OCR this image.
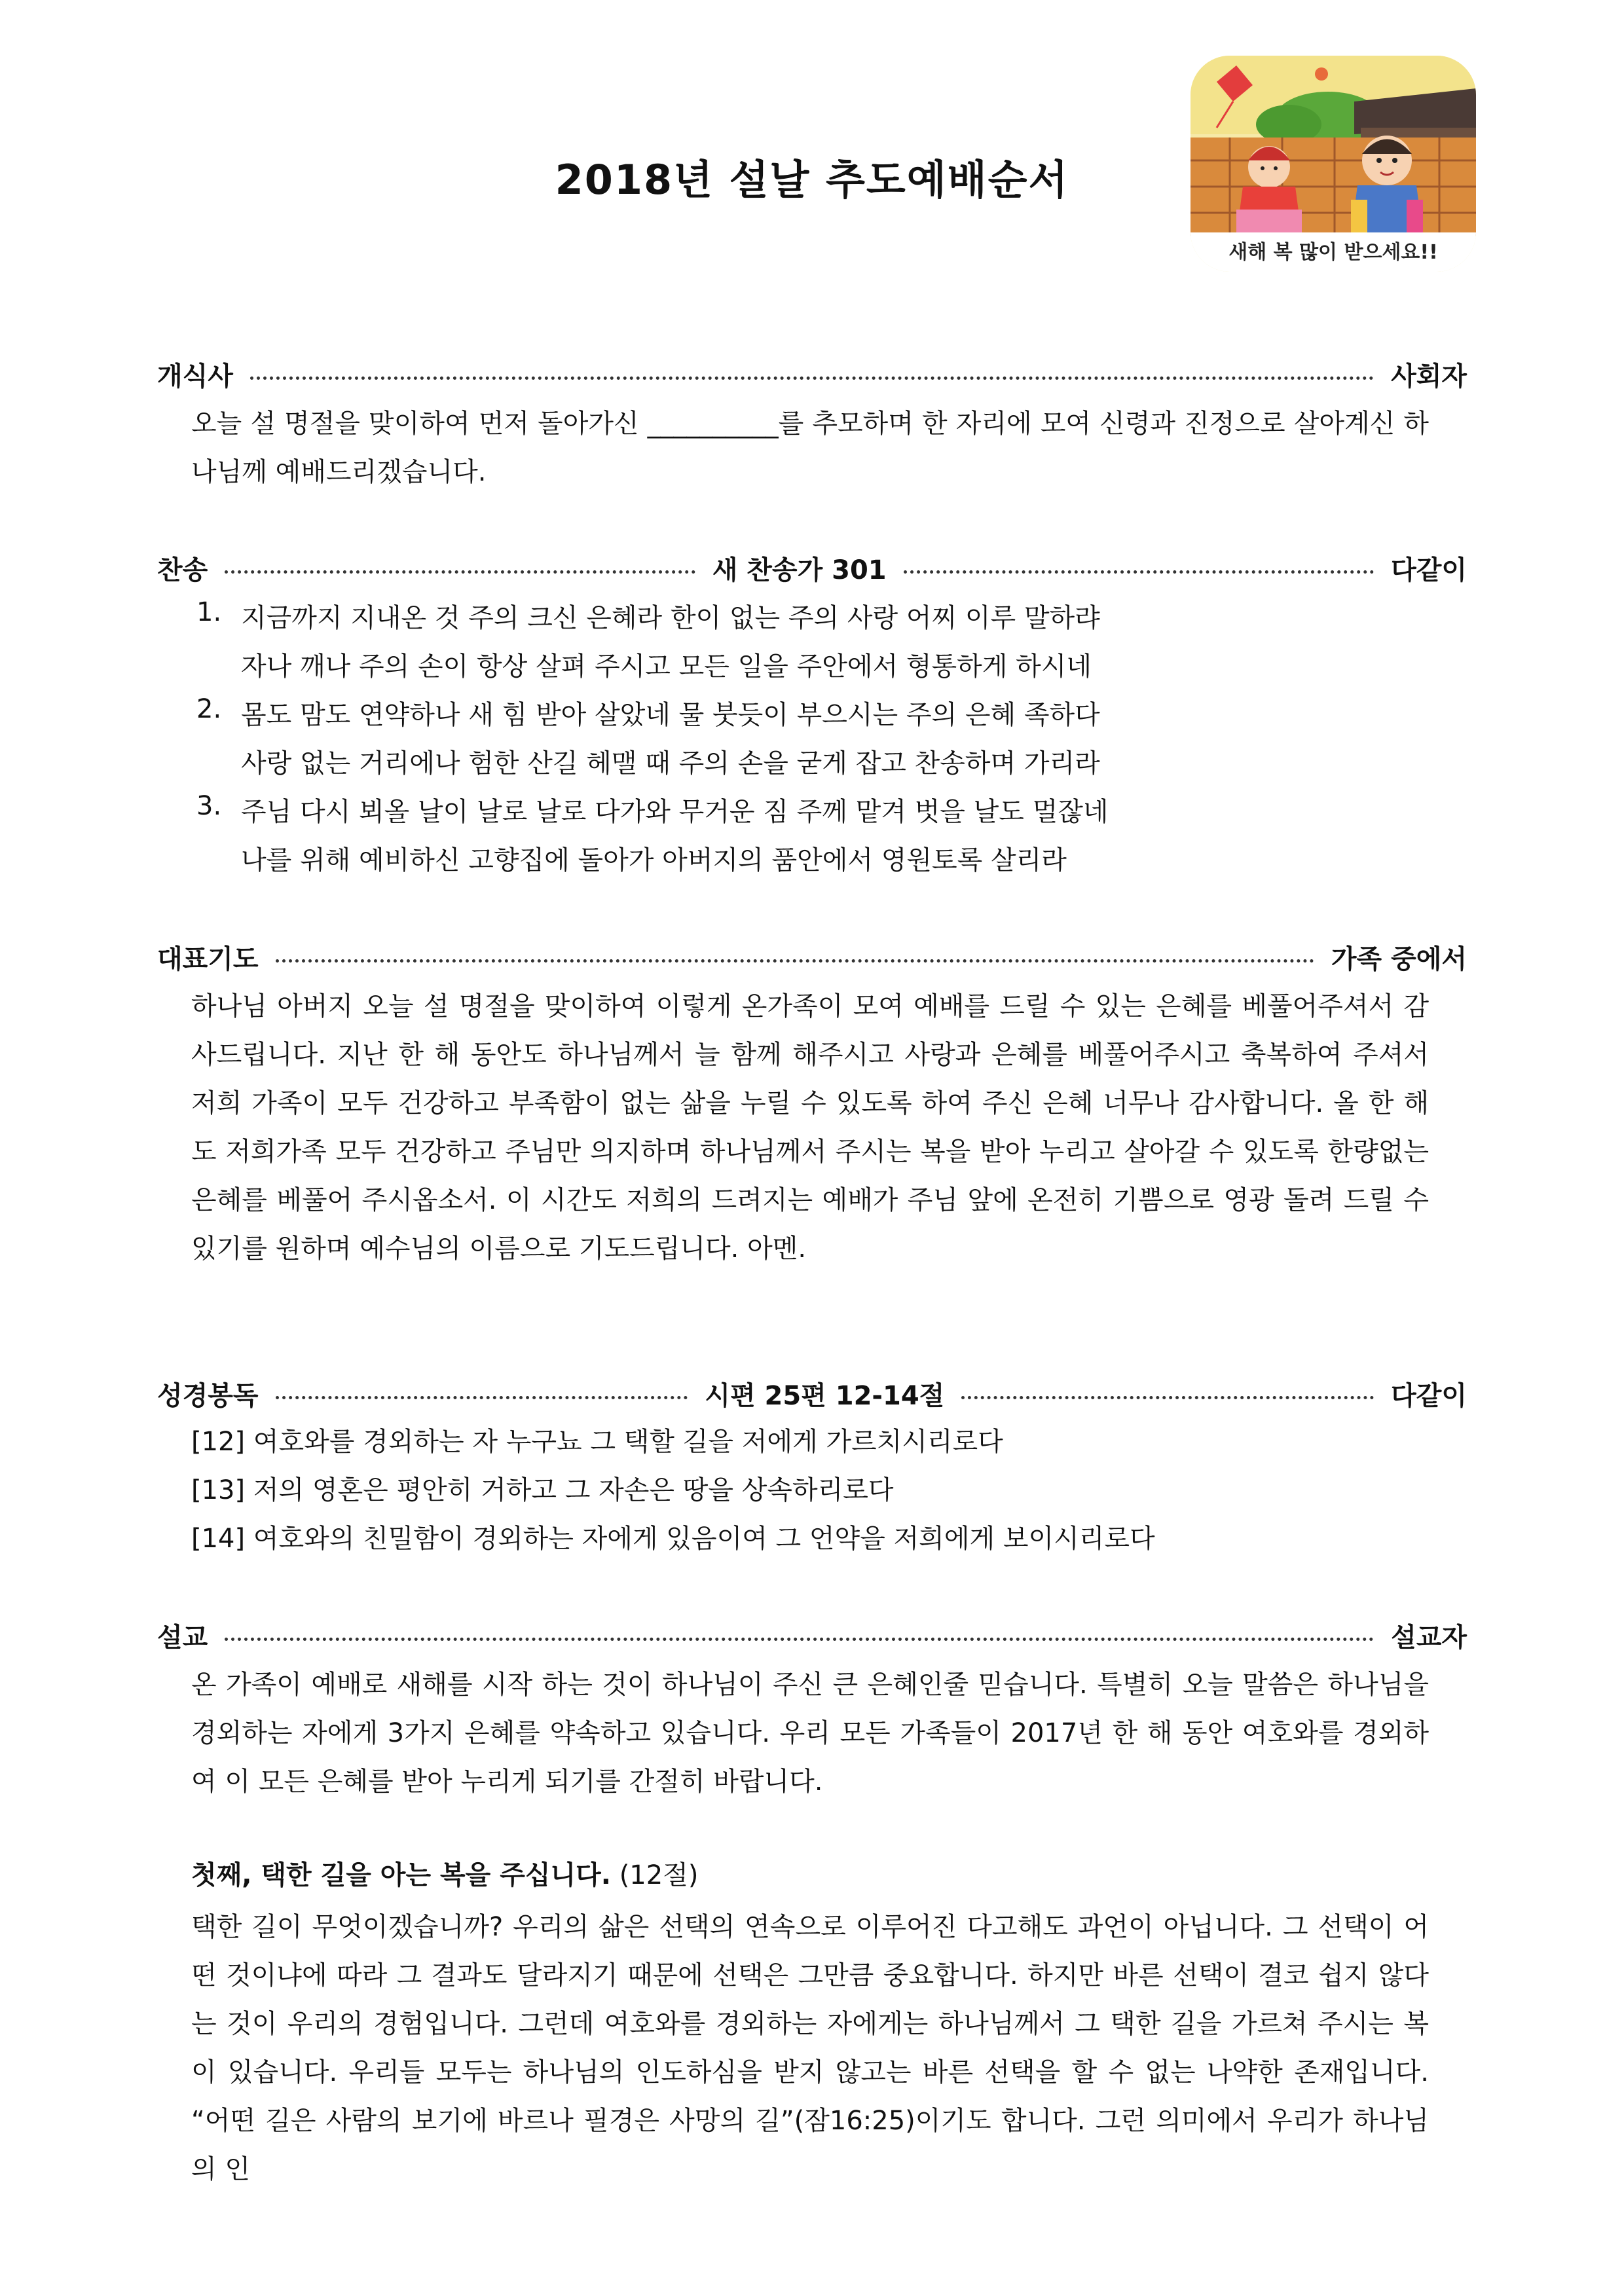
2018년 설날 추도예배순서
새해 복 많이 받으세요!!
개식사	사회자
오늘 설 명절을 맞이하여 먼저 돌아가신 __________를 추모하며 한 자리에 모여 신령과 진정으로 살아계신 하나님께 예배드리겠습니다.
찬송	새 찬송가 301	다같이
1. 지금까지 지내온 것 주의 크신 은혜라 한이 없는 주의 사랑 어찌 이루 말하랴
자나 깨나 주의 손이 항상 살펴 주시고 모든 일을 주안에서 형통하게 하시네
2. 몸도 맘도 연약하나 새 힘 받아 살았네 물 붓듯이 부으시는 주의 은혜 족하다
사랑 없는 거리에나 험한 산길 헤맬 때 주의 손을 굳게 잡고 찬송하며 가리라
3. 주님 다시 뵈올 날이 날로 날로 다가와 무거운 짐 주께 맡겨 벗을 날도 멀잖네
나를 위해 예비하신 고향집에 돌아가 아버지의 품안에서 영원토록 살리라
대표기도	가족 중에서
하나님 아버지 오늘 설 명절을 맞이하여 이렇게 온가족이 모여 예배를 드릴 수 있는 은혜를 베풀어주셔서 감사드립니다. 지난 한 해 동안도 하나님께서 늘 함께 해주시고 사랑과 은혜를 베풀어주시고 축복하여 주셔서 저희 가족이 모두 건강하고 부족함이 없는 삶을 누릴 수 있도록 하여 주신 은혜 너무나 감사합니다. 올 한 해도 저희가족 모두 건강하고 주님만 의지하며 하나님께서 주시는 복을 받아 누리고 살아갈 수 있도록 한량없는 은혜를 베풀어 주시옵소서. 이 시간도 저희의 드려지는 예배가 주님 앞에 온전히 기쁨으로 영광 돌려 드릴 수 있기를 원하며 예수님의 이름으로 기도드립니다. 아멘.
성경봉독	시편 25편 12-14절	다같이
[12] 여호와를 경외하는 자 누구뇨 그 택할 길을 저에게 가르치시리로다
[13] 저의 영혼은 평안히 거하고 그 자손은 땅을 상속하리로다
[14] 여호와의 친밀함이 경외하는 자에게 있음이여 그 언약을 저희에게 보이시리로다
설교	설교자
온 가족이 예배로 새해를 시작 하는 것이 하나님이 주신 큰 은혜인줄 믿습니다. 특별히 오늘 말씀은 하나님을 경외하는 자에게 3가지 은혜를 약속하고 있습니다. 우리 모든 가족들이 2017년 한 해 동안 여호와를 경외하여 이 모든 은혜를 받아 누리게 되기를 간절히 바랍니다.
첫째, 택한 길을 아는 복을 주십니다. (12절)
택한 길이 무엇이겠습니까? 우리의 삶은 선택의 연속으로 이루어진 다고해도 과언이 아닙니다. 그 선택이 어떤 것이냐에 따라 그 결과도 달라지기 때문에 선택은 그만큼 중요합니다. 하지만 바른 선택이 결코 쉽지 않다는 것이 우리의 경험입니다. 그런데 여호와를 경외하는 자에게는 하나님께서 그 택한 길을 가르쳐 주시는 복이 있습니다. 우리들 모두는 하나님의 인도하심을 받지 않고는 바른 선택을 할 수 없는 나약한 존재입니다. “어떤 길은 사람의 보기에 바르나 필경은 사망의 길”(잠16:25)이기도 합니다. 그런 의미에서 우리가 하나님의 인
